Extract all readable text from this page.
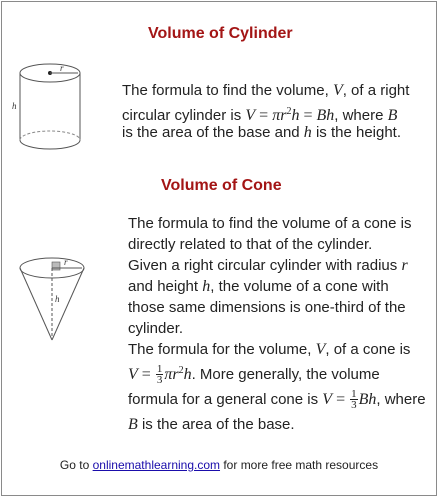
Volume of Cylinder
r
h
The formula to find the volume, V, of a right
circular cylinder is $V = \pi r^2h = Bh$, where B
is the area of the base and h is the height.
Volume of Cone
r
h
The formula to find the volume of a cone is
directly related to that of the cylinder.
Given a right circular cylinder with radius r
and height h, the volume of a cone with
those same dimensions is one-third of the
cylinder.
The formula for the volume, V, of a cone is
$V = \frac{1}{3} \pi r^2h$. More generally, the volume
formula for a general cone is $V = \frac{1}{3} Bh$, where
B is the area of the base.
Go to onlinemathlearning.com for more free math resources
